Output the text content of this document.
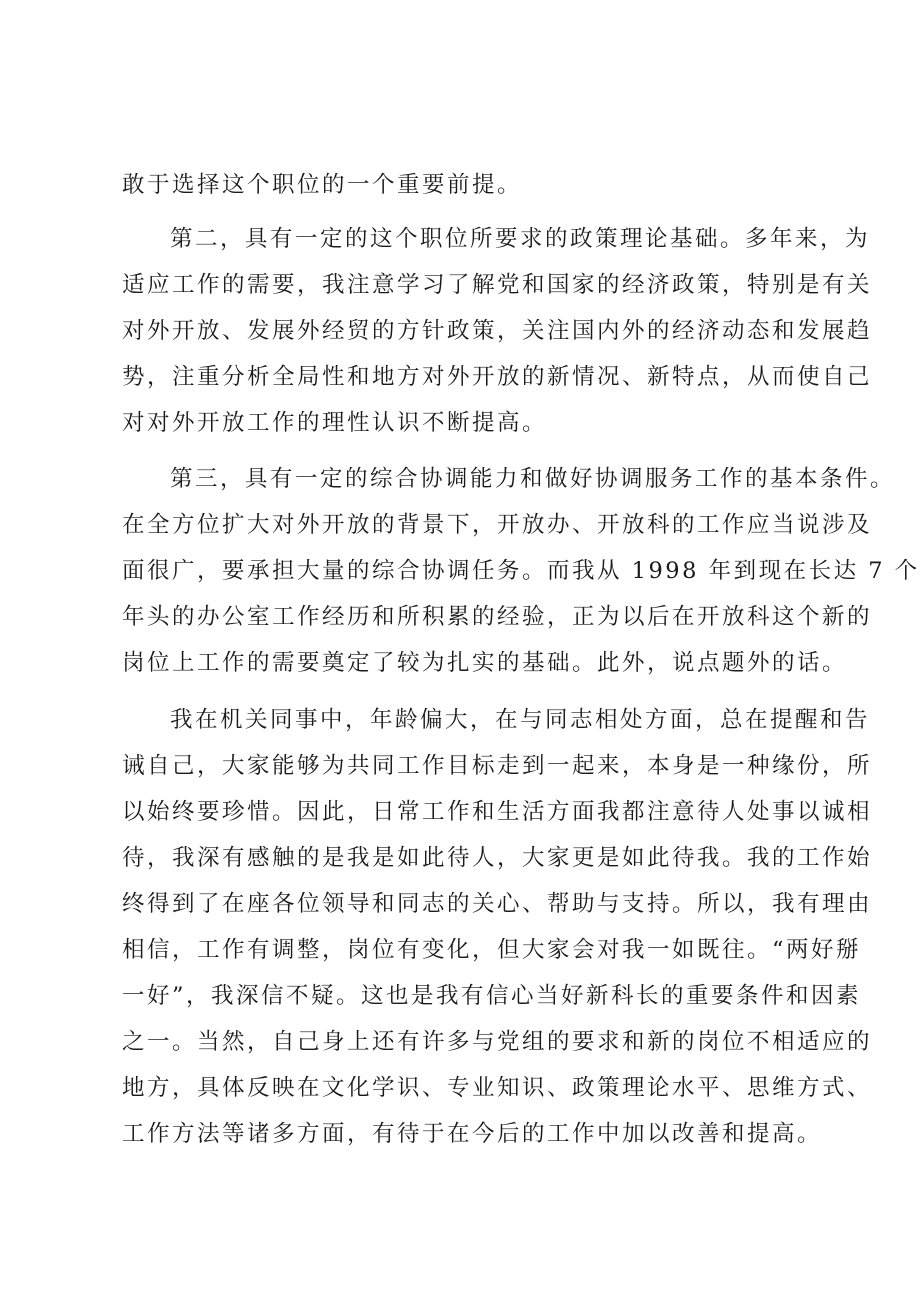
敢于选择这个职位的一个重要前提。
第二，具有一定的这个职位所要求的政策理论基础。多年来，为
适应工作的需要，我注意学习了解党和国家的经济政策，特别是有关
对外开放、发展外经贸的方针政策，关注国内外的经济动态和发展趋
势，注重分析全局性和地方对外开放的新情况、新特点，从而使自己
对对外开放工作的理性认识不断提高。
第三，具有一定的综合协调能力和做好协调服务工作的基本条件。
在全方位扩大对外开放的背景下，开放办、开放科的工作应当说涉及
面很广，要承担大量的综合协调任务。而我从 1998 年到现在长达 7 个
年头的办公室工作经历和所积累的经验，正为以后在开放科这个新的
岗位上工作的需要奠定了较为扎实的基础。此外，说点题外的话。
我在机关同事中，年龄偏大，在与同志相处方面，总在提醒和告
诫自己，大家能够为共同工作目标走到一起来，本身是一种缘份，所
以始终要珍惜。因此，日常工作和生活方面我都注意待人处事以诚相
待，我深有感触的是我是如此待人，大家更是如此待我。我的工作始
终得到了在座各位领导和同志的关心、帮助与支持。所以，我有理由
相信，工作有调整，岗位有变化，但大家会对我一如既往。“两好掰
一好”，我深信不疑。这也是我有信心当好新科长的重要条件和因素
之一。当然，自己身上还有许多与党组的要求和新的岗位不相适应的
地方，具体反映在文化学识、专业知识、政策理论水平、思维方式、
工作方法等诸多方面，有待于在今后的工作中加以改善和提高。
